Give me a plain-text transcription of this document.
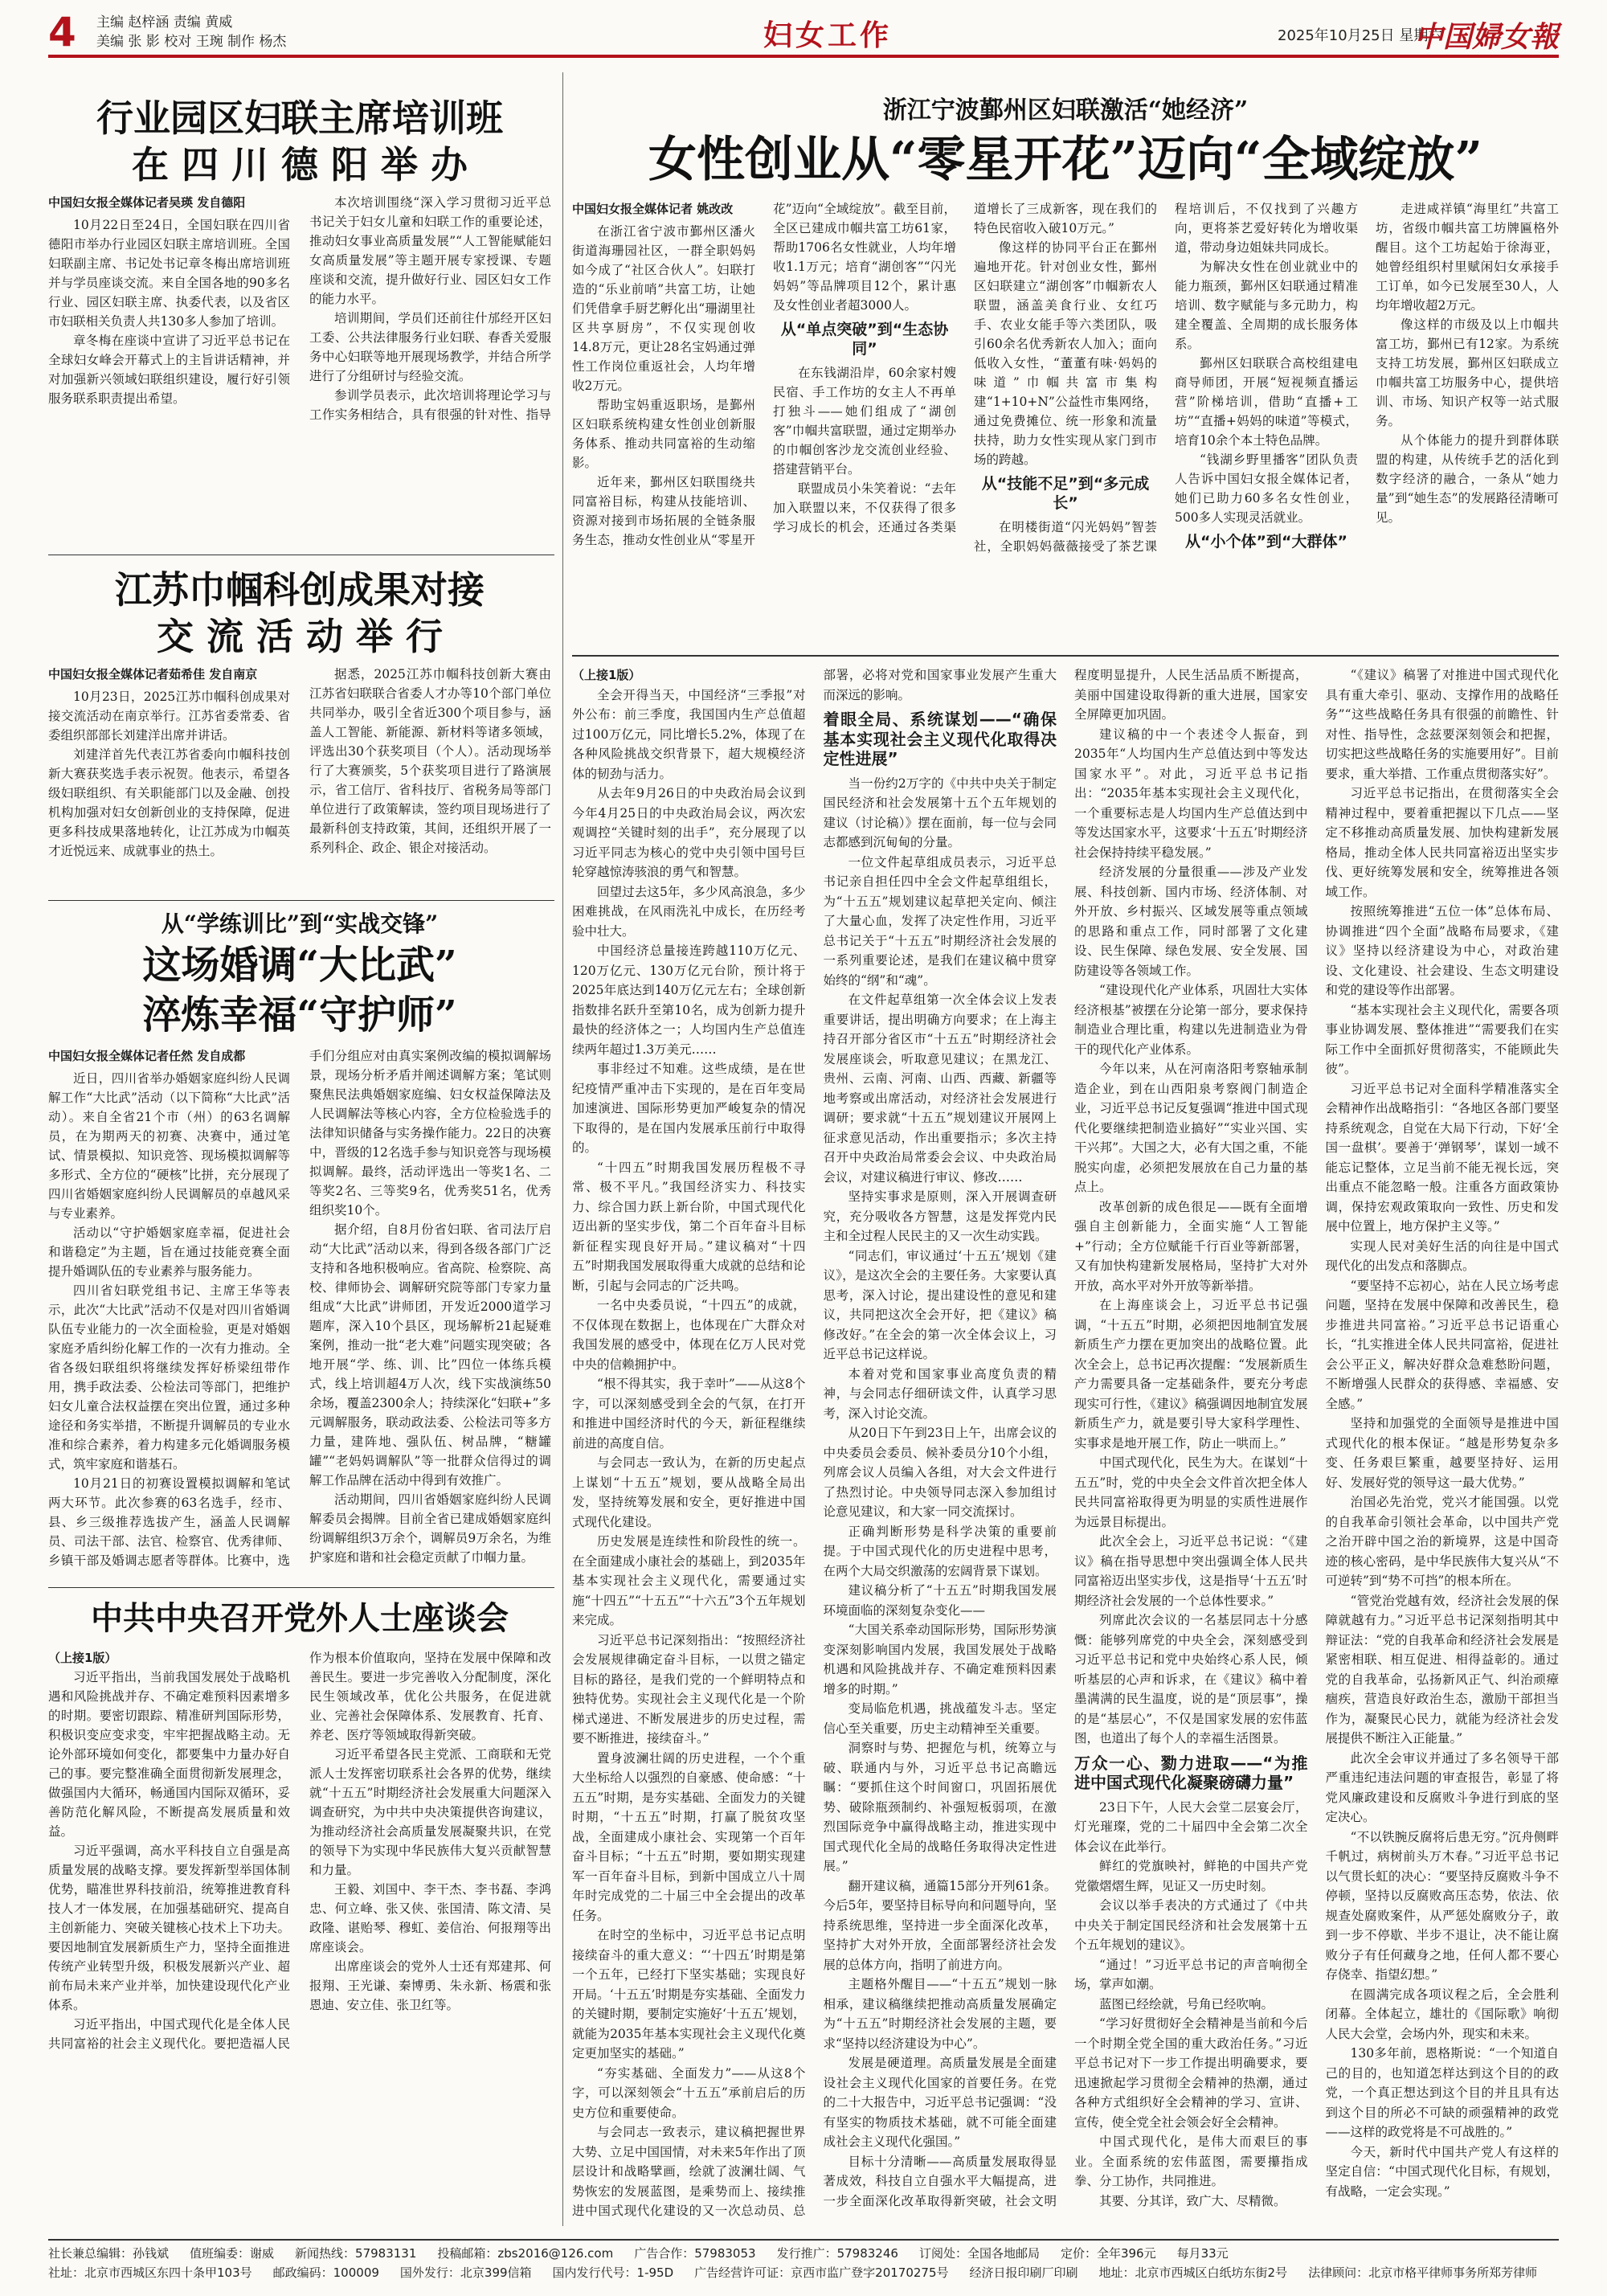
4 主编 赵梓涵 责编 黄威
美编 张 影 校对 王琬 制作 杨杰	妇女工作	2025年10月25日 星期六
中国婦女報
行业园区妇联主席培训班
在 四 川 德 阳 举 办
中国妇女报全媒体记者吴瑛 发自德阳

10月22日至24日，全国妇联在四川省德阳市举办行业园区妇联主席培训班。全国妇联副主席、书记处书记章冬梅出席培训班并与学员座谈交流。来自全国各地的90多名行业、园区妇联主席、执委代表，以及省区市妇联相关负责人共130多人参加了培训。

章冬梅在座谈中宣讲了习近平总书记在全球妇女峰会开幕式上的主旨讲话精神，并对加强新兴领域妇联组织建设，履行好引领服务联系职责提出希望。

本次培训围绕“深入学习贯彻习近平总书记关于妇女儿童和妇联工作的重要论述，推动妇女事业高质量发展”“人工智能赋能妇女高质量发展”等主题开展专家授课、专题座谈和交流，提升做好行业、园区妇女工作的能力水平。

培训期间，学员们还前往什邡经开区妇工委、公共法律服务行业妇联、春香关爱服务中心妇联等地开展现场教学，并结合所学进行了分组研讨与经验交流。

参训学员表示，此次培训将理论学习与工作实务相结合，具有很强的针对性、指导

浙江宁波鄞州区妇联激活“她经济”
女性创业从“零星开花”迈向“全域绽放”
中国妇女报全媒体记者 姚改改

在浙江省宁波市鄞州区潘火街道海珊园社区，一群全职妈妈如今成了“社区合伙人”。妇联打造的“乐业前哨”共富工坊，让她们凭借拿手厨艺孵化出“珊湖里社区共享厨房”，不仅实现创收14.8万元，更让28名宝妈通过弹性工作岗位重返社会，人均年增收2万元。

帮助宝妈重返职场，是鄞州区妇联系统构建女性创业创新服务体系、推动共同富裕的生动缩影。

近年来，鄞州区妇联围绕共同富裕目标，构建从技能培训、资源对接到市场拓展的全链条服务生态，推动女性创业从“零星开花”迈向“全域绽放”。截至目前，全区已建成巾帼共富工坊61家，帮助1706名女性就业，人均年增收1.1万元；培育“湖创客”“闪光妈妈”等品牌项目12个，累计惠及女性创业者超3000人。

从“单点突破”到“生态协同”

在东钱湖沿岸，60余家村嫂民宿、手工作坊的女主人不再单打独斗——她们组成了“湖创客”巾帼共富联盟，通过定期举办的巾帼创客沙龙交流创业经验、搭建营销平台。

联盟成员小朱笑着说：“去年加入联盟以来，不仅获得了很多学习成长的机会，还通过各类渠道增长了三成新客，现在我们的特色民宿收入破10万元。”

像这样的协同平台正在鄞州遍地开花。针对创业女性，鄞州区妇联建立“湖创客”巾帼新农人联盟，涵盖美食行业、女红巧手、农业女能手等六类团队，吸引60余名优秀新农人加入；面向低收入女性，“董董有味·妈妈的味道”巾帼共富市集构建“1+10+N”公益性市集网络，通过免费摊位、统一形象和流量扶持，助力女性实现从家门到市场的跨越。

从“技能不足”到“多元成长”

在明楼街道“闪光妈妈”智荟社，全职妈妈薇薇接受了茶艺课程培训后，不仅找到了兴趣方向，更将茶艺爱好转化为增收渠道，带动身边姐妹共同成长。

为解决女性在创业就业中的能力瓶颈，鄞州区妇联通过精准培训、数字赋能与多元助力，构建全覆盖、全周期的成长服务体系。

鄞州区妇联联合高校组建电商导师团，开展“短视频直播运营”阶梯培训，借助“直播+工坊”“直播+妈妈的味道”等模式，培育10余个本土特色品牌。

“钱湖乡野里播客”团队负责人告诉中国妇女报全媒体记者，她们已助力60多名女性创业，500多人实现灵活就业。

从“小个体”到“大群体”

走进咸祥镇“海里红”共富工坊，省级巾帼共富工坊牌匾格外醒目。这个工坊起始于徐海亚，她曾经组织村里赋闲妇女承接手工订单，如今已发展至30人，人均年增收超2万元。

像这样的市级及以上巾帼共富工坊，鄞州已有12家。为系统支持工坊发展，鄞州区妇联成立巾帼共富工坊服务中心，提供培训、市场、知识产权等一站式服务。

从个体能力的提升到群体联盟的构建，从传统手艺的活化到数字经济的融合，一条从“她力量”到“她生态”的发展路径清晰可见。

江苏巾帼科创成果对接
交 流 活 动 举 行
中国妇女报全媒体记者茹希佳 发自南京

10月23日，2025江苏巾帼科创成果对接交流活动在南京举行。江苏省委常委、省委组织部部长刘建洋出席并讲话。

刘建洋首先代表江苏省委向巾帼科技创新大赛获奖选手表示祝贺。他表示，希望各级妇联组织、有关职能部门以及金融、创投机构加强对妇女创新创业的支持保障，促进更多科技成果落地转化，让江苏成为巾帼英才近悦远来、成就事业的热土。

据悉，2025江苏巾帼科技创新大赛由江苏省妇联联合省委人才办等10个部门单位共同举办，吸引全省近300个项目参与，涵盖人工智能、新能源、新材料等诸多领域，评选出30个获奖项目（个人）。活动现场举行了大赛颁奖，5个获奖项目进行了路演展示，省工信厅、省科技厅、省税务局等部门单位进行了政策解读，签约项目现场进行了最新科创支持政策，其间，还组织开展了一系列科企、政企、银企对接活动。

从“学练训比”到“实战交锋”
这场婚调“大比武”
淬炼幸福“守护师”
中国妇女报全媒体记者任然 发自成都

近日，四川省举办婚姻家庭纠纷人民调解工作“大比武”活动（以下简称“大比武”活动）。来自全省21个市（州）的63名调解员，在为期两天的初赛、决赛中，通过笔试、情景模拟、知识竞答、现场模拟调解等多形式、全方位的“硬核”比拼，充分展现了四川省婚姻家庭纠纷人民调解员的卓越风采与专业素养。

活动以“守护婚姻家庭幸福，促进社会和谐稳定”为主题，旨在通过技能竞赛全面提升婚调队伍的专业素养与服务能力。

四川省妇联党组书记、主席王华等表示，此次“大比武”活动不仅是对四川省婚调队伍专业能力的一次全面检验，更是对婚姻家庭矛盾纠纷化解工作的一次有力推动。全省各级妇联组织将继续发挥好桥梁纽带作用，携手政法委、公检法司等部门，把维护妇女儿童合法权益摆在突出位置，通过多种途径和务实举措，不断提升调解员的专业水准和综合素养，着力构建多元化婚调服务模式，筑牢家庭和谐基石。

10月21日的初赛设置模拟调解和笔试两大环节。此次参赛的63名选手，经市、县、乡三级推荐选拔产生，涵盖人民调解员、司法干部、法官、检察官、优秀律师、乡镇干部及婚调志愿者等群体。比赛中，选手们分组应对由真实案例改编的模拟调解场景，现场分析矛盾并阐述调解方案；笔试则聚焦民法典婚姻家庭编、妇女权益保障法及人民调解法等核心内容，全方位检验选手的法律知识储备与实务操作能力。22日的决赛中，晋级的12名选手参与知识竞答与现场模拟调解。最终，活动评选出一等奖1名、二等奖2名、三等奖9名，优秀奖51名，优秀组织奖10个。

据介绍，自8月份省妇联、省司法厅启动“大比武”活动以来，得到各级各部门广泛支持和各地积极响应。省高院、检察院、高校、律师协会、调解研究院等部门专家力量组成“大比武”讲师团，开发近2000道学习题库，深入10个县区，现场解析21起疑难案例，推动一批“老大难”问题实现突破；各地开展“学、练、训、比”四位一体练兵模式，线上培训超4万人次，线下实战演练50余场，覆盖2300余人；持续深化“妇联+”多元调解服务，联动政法委、公检法司等多方力量，建阵地、强队伍、树品牌，“糖罐罐”“老妈妈调解队”等一批群众信得过的调解工作品牌在活动中得到有效推广。

活动期间，四川省婚姻家庭纠纷人民调解委员会揭牌。目前全省已建成婚姻家庭纠纷调解组织3万余个，调解员9万余名，为维护家庭和谐和社会稳定贡献了巾帼力量。

中共中央召开党外人士座谈会
（上接1版）

习近平指出，当前我国发展处于战略机遇和风险挑战并存、不确定难预料因素增多的时期。要密切跟踪、精准研判国际形势，积极识变应变求变，牢牢把握战略主动。无论外部环境如何变化，都要集中力量办好自己的事。要完整准确全面贯彻新发展理念，做强国内大循环，畅通国内国际双循环，妥善防范化解风险，不断提高发展质量和效益。

习近平强调，高水平科技自立自强是高质量发展的战略支撑。要发挥新型举国体制优势，瞄准世界科技前沿，统筹推进教育科技人才一体发展，在加强基础研究、提高自主创新能力、突破关键核心技术上下功夫。要因地制宜发展新质生产力，坚持全面推进传统产业转型升级，积极发展新兴产业、超前布局未来产业并举，加快建设现代化产业体系。

习近平指出，中国式现代化是全体人民共同富裕的社会主义现代化。要把造福人民作为根本价值取向，坚持在发展中保障和改善民生。要进一步完善收入分配制度，深化民生领域改革，优化公共服务，在促进就业、完善社会保障体系、发展教育、托育、养老、医疗等领域取得新突破。

习近平希望各民主党派、工商联和无党派人士发挥密切联系社会各界的优势，继续就“十五五”时期经济社会发展重大问题深入调查研究，为中共中央决策提供咨询建议，为推动经济社会高质量发展凝聚共识，在党的领导下为实现中华民族伟大复兴贡献智慧和力量。

王毅、刘国中、李干杰、李书磊、李鸿忠、何立峰、张又侠、张国清、陈文清、吴政隆、谌贻琴、穆虹、姜信治、何报翔等出席座谈会。

出席座谈会的党外人士还有郑建邦、何报翔、王光谦、秦博勇、朱永新、杨震和张恩迪、安立佳、张卫红等。

（上接1版）

全会开得当天，中国经济“三季报”对外公布：前三季度，我国国内生产总值超过100万亿元，同比增长5.2%，体现了在各种风险挑战交织背景下，超大规模经济体的韧劲与活力。

从去年9月26日的中央政治局会议到今年4月25日的中央政治局会议，两次宏观调控“关键时刻的出手”，充分展现了以习近平同志为核心的党中央引领中国号巨轮穿越惊涛骇浪的勇气和智慧。

回望过去这5年，多少风高浪急，多少困难挑战，在风雨洗礼中成长，在历经考验中壮大。

中国经济总量接连跨越110万亿元、120万亿元、130万亿元台阶，预计将于2025年底达到140万亿元左右；全球创新指数排名跃升至第10名，成为创新力提升最快的经济体之一；人均国内生产总值连续两年超过1.3万美元……

事非经过不知难。这些成绩，是在世纪疫情严重冲击下实现的，是在百年变局加速演进、国际形势更加严峻复杂的情况下取得的，是在国内发展承压前行中取得的。

“十四五”时期我国发展历程极不寻常、极不平凡。”我国经济实力、科技实力、综合国力跃上新台阶，中国式现代化迈出新的坚实步伐，第二个百年奋斗目标新征程实现良好开局。”建议稿对“十四五”时期我国发展取得重大成就的总结和论断，引起与会同志的广泛共鸣。

一名中央委员说，“十四五”的成就，不仅体现在数据上，也体现在广大群众对我国发展的感受中，体现在亿万人民对党中央的信赖拥护中。

“根不得其实，我于幸叶”——从这8个字，可以深刻感受到全会的气氛，在打开和推进中国经济时代的今天，新征程继续前进的高度自信。

与会同志一致认为，在新的历史起点上谋划“十五五”规划，要从战略全局出发，坚持统筹发展和安全，更好推进中国式现代化建设。

历史发展是连续性和阶段性的统一。在全面建成小康社会的基础上，到2035年基本实现社会主义现代化，需要通过实施“十四五”“十五五”“十六五”3个五年规划来完成。

习近平总书记深刻指出：“按照经济社会发展规律确定奋斗目标，一以贯之锚定目标的路径，是我们党的一个鲜明特点和独特优势。实现社会主义现代化是一个阶梯式递进、不断发展进步的历史过程，需要不断推进，接续奋斗。”

置身波澜壮阔的历史进程，一个个重大坐标给人以强烈的自豪感、使命感：“十五五”时期，是夯实基础、全面发力的关键时期，“十五五”时期，打赢了脱贫攻坚战，全面建成小康社会、实现第一个百年奋斗目标；“十五五”时期，要如期实现建军一百年奋斗目标，到新中国成立八十周年时完成党的二十届三中全会提出的改革任务。

在时空的坐标中，习近平总书记点明接续奋斗的重大意义：“‘十四五’时期是第一个五年，已经打下坚实基础；实现良好开局。‘十五五’时期是夯实基础、全面发力的关键时期，要制定实施好‘十五五’规划，就能为2035年基本实现社会主义现代化奠定更加坚实的基础。”

“夯实基础、全面发力”——从这8个字，可以深刻领会“十五五”承前启后的历史方位和重要使命。

与会同志一致表示，建议稿把握世界大势、立足中国国情，对未来5年作出了顶层设计和战略擘画，绘就了波澜壮阔、气势恢宏的发展蓝图，是乘势而上、接续推进中国式现代化建设的又一次总动员、总部署，必将对党和国家事业发展产生重大而深远的影响。

着眼全局、系统谋划——“确保基本实现社会主义现代化取得决定性进展”

当一份约2万字的《中共中央关于制定国民经济和社会发展第十五个五年规划的建议（讨论稿）》摆在面前，每一位与会同志都感到沉甸甸的分量。

一位文件起草组成员表示，习近平总书记亲自担任四中全会文件起草组组长，为“十五五”规划建议起草把关定向、倾注了大量心血，发挥了决定性作用，习近平总书记关于“十五五”时期经济社会发展的一系列重要论述，是我们在建议稿中贯穿始终的“纲”和“魂”。

在文件起草组第一次全体会议上发表重要讲话，提出明确方向要求；在上海主持召开部分省区市“十五五”时期经济社会发展座谈会，听取意见建议；在黑龙江、贵州、云南、河南、山西、西藏、新疆等地考察或出席活动，对经济社会发展进行调研；要求就“十五五”规划建议开展网上征求意见活动，作出重要指示；多次主持召开中央政治局常委会会议、中央政治局会议，对建议稿进行审议、修改……

坚持实事求是原则，深入开展调查研究，充分吸收各方智慧，这是发挥党内民主和全过程人民民主的又一次生动实践。

“同志们，审议通过‘十五五’规划《建议》，是这次全会的主要任务。大家要认真思考，深入讨论，提出建设性的意见和建议，共同把这次全会开好，把《建议》稿修改好。”在全会的第一次全体会议上，习近平总书记这样说。

本着对党和国家事业高度负责的精神，与会同志仔细研读文件，认真学习思考，深入讨论交流。

从20日下午到23日上午，出席会议的中央委员会委员、候补委员分10个小组，列席会议人员编入各组，对大会文件进行了热烈讨论。中央领导同志深入参加组讨论意见建议，和大家一同交流探讨。

正确判断形势是科学决策的重要前提。于中国式现代化的历史进程中思考，在两个大局交织激荡的宏阔背景下谋划。

建议稿分析了“十五五”时期我国发展环境面临的深刻复杂变化——

“大国关系牵动国际形势，国际形势演变深刻影响国内发展，我国发展处于战略机遇和风险挑战并存、不确定难预料因素增多的时期。”

变局临危机遇，挑战蕴发斗志。坚定信心至关重要，历史主动精神至关重要。

洞察时与势、把握危与机，统筹立与破、联通内与外，习近平总书记高瞻远瞩：“要抓住这个时间窗口，巩固拓展优势、破除瓶颈制约、补强短板弱项，在激烈国际竞争中赢得战略主动，推进实现中国式现代化全局的战略任务取得决定性进展。”

翻开建议稿，通篇15部分开列61条。今后5年，要坚持目标导向和问题导向，坚持系统思维，坚持进一步全面深化改革，坚持扩大对外开放，全面部署经济社会发展的总体方向，指明了前进方向。

主题格外醒目——“十五五”规划一脉相承，建议稿继续把推动高质量发展确定为“十五五”时期经济社会发展的主题，要求“坚持以经济建设为中心”。

发展是硬道理。高质量发展是全面建设社会主义现代化国家的首要任务。在党的二十大报告中，习近平总书记强调：“没有坚实的物质技术基础，就不可能全面建成社会主义现代化强国。”

目标十分清晰——高质量发展取得显著成效，科技自立自强水平大幅提高，进一步全面深化改革取得新突破，社会文明程度明显提升，人民生活品质不断提高，美丽中国建设取得新的重大进展，国家安全屏障更加巩固。

建议稿的中一个表述令人振奋，到2035年“人均国内生产总值达到中等发达国家水平”。对此，习近平总书记指出：“2035年基本实现社会主义现代化，一个重要标志是人均国内生产总值达到中等发达国家水平，这要求‘十五五’时期经济社会保持持续平稳发展。”

经济发展的分量很重——涉及产业发展、科技创新、国内市场、经济体制、对外开放、乡村振兴、区域发展等重点领域的思路和重点工作，同时部署了文化建设、民生保障、绿色发展、安全发展、国防建设等各领域工作。

“建设现代化产业体系，巩固壮大实体经济根基”被摆在分论第一部分，要求保持制造业合理比重，构建以先进制造业为骨干的现代化产业体系。

今年以来，从在河南洛阳考察轴承制造企业，到在山西阳泉考察阀门制造企业，习近平总书记反复强调“推进中国式现代化要继续把制造业搞好”“实业兴国、实干兴邦”。大国之大，必有大国之重，不能脱实向虚，必须把发展放在自己力量的基点上。

改革创新的成色很足——既有全面增强自主创新能力，全面实施“人工智能+”行动；全方位赋能千行百业等新部署，又有加快构建新发展格局，坚持扩大对外开放，高水平对外开放等新举措。

在上海座谈会上，习近平总书记强调，“十五五”时期，必须把因地制宜发展新质生产力摆在更加突出的战略位置。此次全会上，总书记再次提醒：“发展新质生产力需要具备一定基础条件，要充分考虑现实可行性，《建议》稿强调因地制宜发展新质生产力，就是要引导大家科学理性、实事求是地开展工作，防止一哄而上。”

中国式现代化，民生为大。在谋划“十五五”时，党的中央全会文件首次把全体人民共同富裕取得更为明显的实质性进展作为远景目标提出。

此次全会上，习近平总书记说：“《建议》稿在指导思想中突出强调全体人民共同富裕迈出坚实步伐，这是指导‘十五五’时期经济社会发展的一个总体性要求。”

列席此次会议的一名基层同志十分感慨：能够列席党的中央全会，深刻感受到习近平总书记和党中央始终心系人民，倾听基层的心声和诉求，在《建议》稿中着墨满满的民生温度，说的是“顶层事”，操的是“基层心”，不仅是国家发展的宏伟蓝图，也道出了每个人的幸福生活图景。

万众一心、勠力进取——“为推进中国式现代化凝聚磅礴力量”

23日下午，人民大会堂二层宴会厅，灯光璀璨，党的二十届四中全会第二次全体会议在此举行。

鲜红的党旗映衬，鲜艳的中国共产党党徽熠熠生辉，见证又一历史时刻。

会议以举手表决的方式通过了《中共中央关于制定国民经济和社会发展第十五个五年规划的建议》。

“通过！”习近平总书记的声音响彻全场，掌声如潮。

蓝图已经绘就，号角已经吹响。

“学习好贯彻好全会精神是当前和今后一个时期全党全国的重大政治任务。”习近平总书记对下一步工作提出明确要求，要迅速掀起学习贯彻全会精神的热潮，通过各种方式组织好全会精神的学习、宣讲、宣传，使全党全社会领会好全会精神。

中国式现代化，是伟大而艰巨的事业。全面系统的宏伟蓝图，需要攥指成拳、分工协作，共同推进。

其要、分其详，致广大、尽精微。

“《建议》稿署了对推进中国式现代化具有重大牵引、驱动、支撑作用的战略任务”“这些战略任务具有很强的前瞻性、针对性、指导性，念兹要深刻领会和把握，切实把这些战略任务的实施要用好”。目前要求，重大举措、工作重点贯彻落实好”。

习近平总书记指出，在贯彻落实全会精神过程中，要着重把握以下几点——坚定不移推动高质量发展、加快构建新发展格局，推动全体人民共同富裕迈出坚实步伐、更好统筹发展和安全，统筹推进各领域工作。

按照统筹推进“五位一体”总体布局、协调推进“四个全面”战略布局要求，《建议》坚持以经济建设为中心，对政治建设、文化建设、社会建设、生态文明建设和党的建设等作出部署。

“基本实现社会主义现代化，需要各项事业协调发展、整体推进”“需要我们在实际工作中全面抓好贯彻落实，不能顾此失彼”。

习近平总书记对全面科学精准落实全会精神作出战略指引：“各地区各部门要坚持系统观念，自觉在大局下行动，下好‘全国一盘棋’。要善于‘弹钢琴’，谋划一域不能忘记整体，立足当前不能无视长远，突出重点不能忽略一般。注重各方面政策协调，保持宏观政策取向一致性、历史和发展中位置上，地方保护主义等。”

实现人民对美好生活的向往是中国式现代化的出发点和落脚点。

“要坚持不忘初心，站在人民立场考虑问题，坚持在发展中保障和改善民生，稳步推进共同富裕。”习近平总书记语重心长，“扎实推进全体人民共同富裕，促进社会公平正义，解决好群众急难愁盼问题，不断增强人民群众的获得感、幸福感、安全感。”

坚持和加强党的全面领导是推进中国式现代化的根本保证。“越是形势复杂多变、任务艰巨繁重，越要坚持好、运用好、发展好党的领导这一最大优势。”

治国必先治党，党兴才能国强。以党的自我革命引领社会革命，以中国共产党之治开辟中国之治的新境界，这是中国奇迹的核心密码，是中华民族伟大复兴从“不可逆转”到“势不可挡”的根本所在。

“管党治党越有效，经济社会发展的保障就越有力。”习近平总书记深刻指明其中辩证法：“党的自我革命和经济社会发展是紧密相联、相互促进、相得益彰的。通过党的自我革命，弘扬新风正气、纠治顽瘴痼疾，营造良好政治生态，激励干部担当作为，凝聚民心民力，就能为经济社会发展提供不断注入正能量。”

此次全会审议并通过了多名领导干部严重违纪违法问题的审查报告，彰显了将党风廉政建设和反腐败斗争进行到底的坚定决心。

“不以铁腕反腐将后患无穷。”沉舟侧畔千帆过，病树前头万木春。”习近平总书记以气贯长虹的决心：“要坚持反腐败斗争不停顿，坚持以反腐败高压态势，依法、依规查处腐败案件，从严惩处腐败分子，敢到一步不停歇、半步不退让，决不能让腐败分子有任何藏身之地，任何人都不要心存侥幸、指望幻想。”

在圆满完成各项议程之后，全会胜利闭幕。全体起立，雄壮的《国际歌》响彻人民大会堂，会场内外，现实和未来。

130多年前，恩格斯说：“一个知道自己的目的，也知道怎样达到这个目的的政党，一个真正想达到这个目的并且具有达到这个目的所必不可缺的顽强精神的政党——这样的政党将是不可战胜的。”

今天，新时代中国共产党人有这样的坚定自信：“中国式现代化目标，有规划，有战略，一定会实现。”

社长兼总编辑：孙钱斌 值班编委：谢威 新闻热线：57983131 投稿邮箱：zbs2016@126.com 广告合作：57983053 发行推广：57983246 订阅处：全国各地邮局 定价：全年396元 每月33元
社址：北京市西城区东四十条甲103号 邮政编码：100009 国外发行：北京399信箱 国内发行代号：1-95D 广告经营许可证：京西市监广登字20170275号 经济日报印刷厂印刷 地址：北京市西城区白纸坊东街2号 法律顾问：北京市格平律师事务所郑芳律师
